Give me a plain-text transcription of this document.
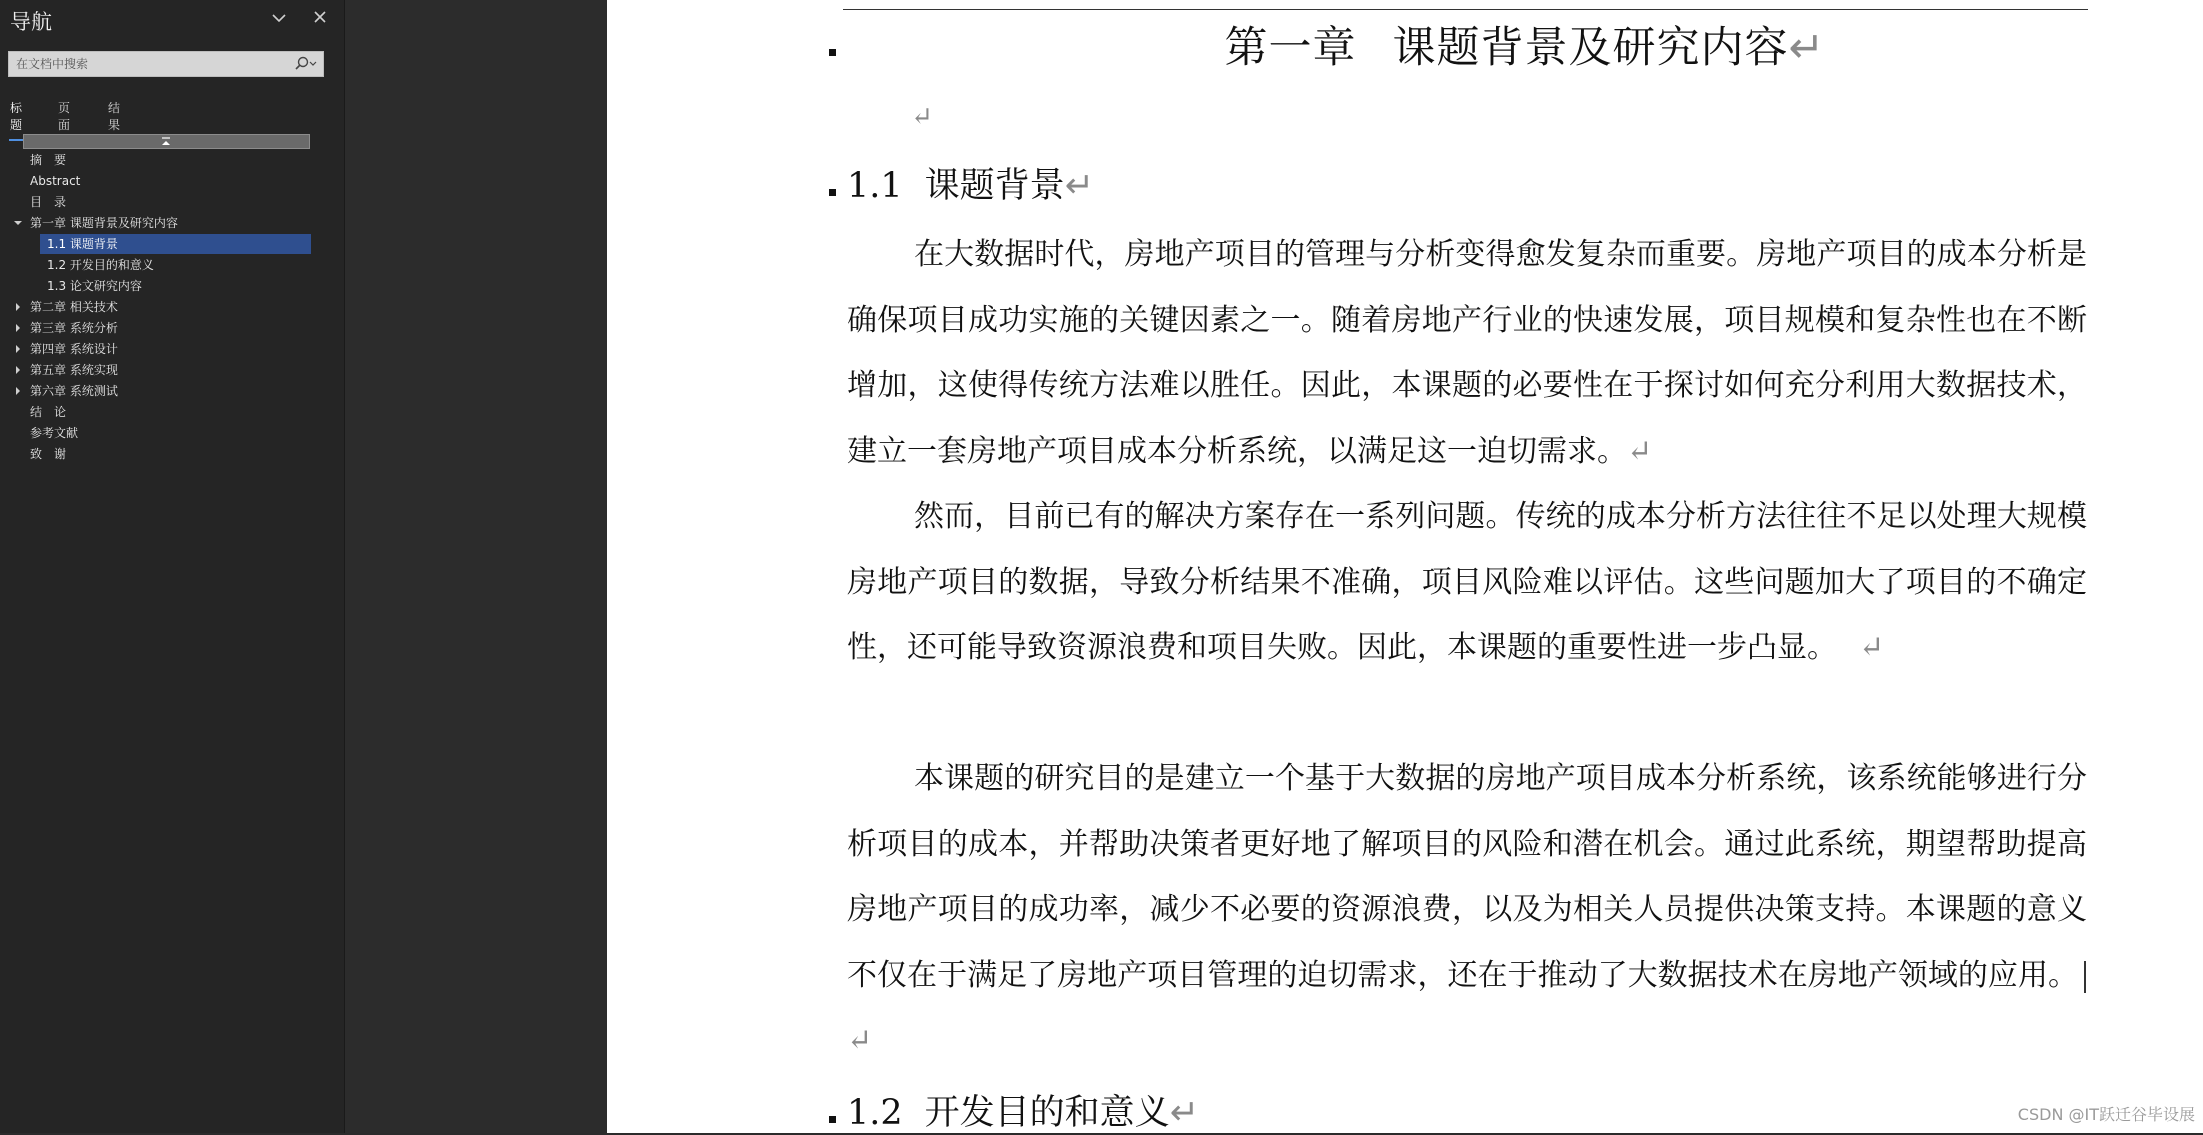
导航
在文档中搜索
标题
页面
结果
摘　要
Abstract
目　录
第一章 课题背景及研究内容
1.1 课题背景
1.2 开发目的和意义
1.3 论文研究内容
第二章 相关技术
第三章 系统分析
第四章 系统设计
第五章 系统实现
第六章 系统测试
结　论
参考文献
致　谢
第一章 课题背景及研究内容↵
↵
1.1 课题背景↵
在大数据时代，房地产项目的管理与分析变得愈发复杂而重要。房地产项目的成本分析是确保项目成功实施的关键因素之一。随着房地产行业的快速发展，项目规模和复杂性也在不断增加，这使得传统方法难以胜任。因此，本课题的必要性在于探讨如何充分利用大数据技术，建立一套房地产项目成本分析系统，以满足这一迫切需求。↵
然而，目前已有的解决方案存在一系列问题。传统的成本分析方法往往不足以处理大规模房地产项目的数据，导致分析结果不准确，项目风险难以评估。这些问题加大了项目的不确定性，还可能导致资源浪费和项目失败。因此，本课题的重要性进一步凸显。 ↵
本课题的研究目的是建立一个基于大数据的房地产项目成本分析系统，该系统能够进行分析项目的成本，并帮助决策者更好地了解项目的风险和潜在机会。通过此系统，期望帮助提高房地产项目的成功率，减少不必要的资源浪费，以及为相关人员提供决策支持。本课题的意义不仅在于满足了房地产项目管理的迫切需求，还在于推动了大数据技术在房地产领域的应用。↵
1.2 开发目的和意义↵	CSDN @IT跃迁谷毕设展
